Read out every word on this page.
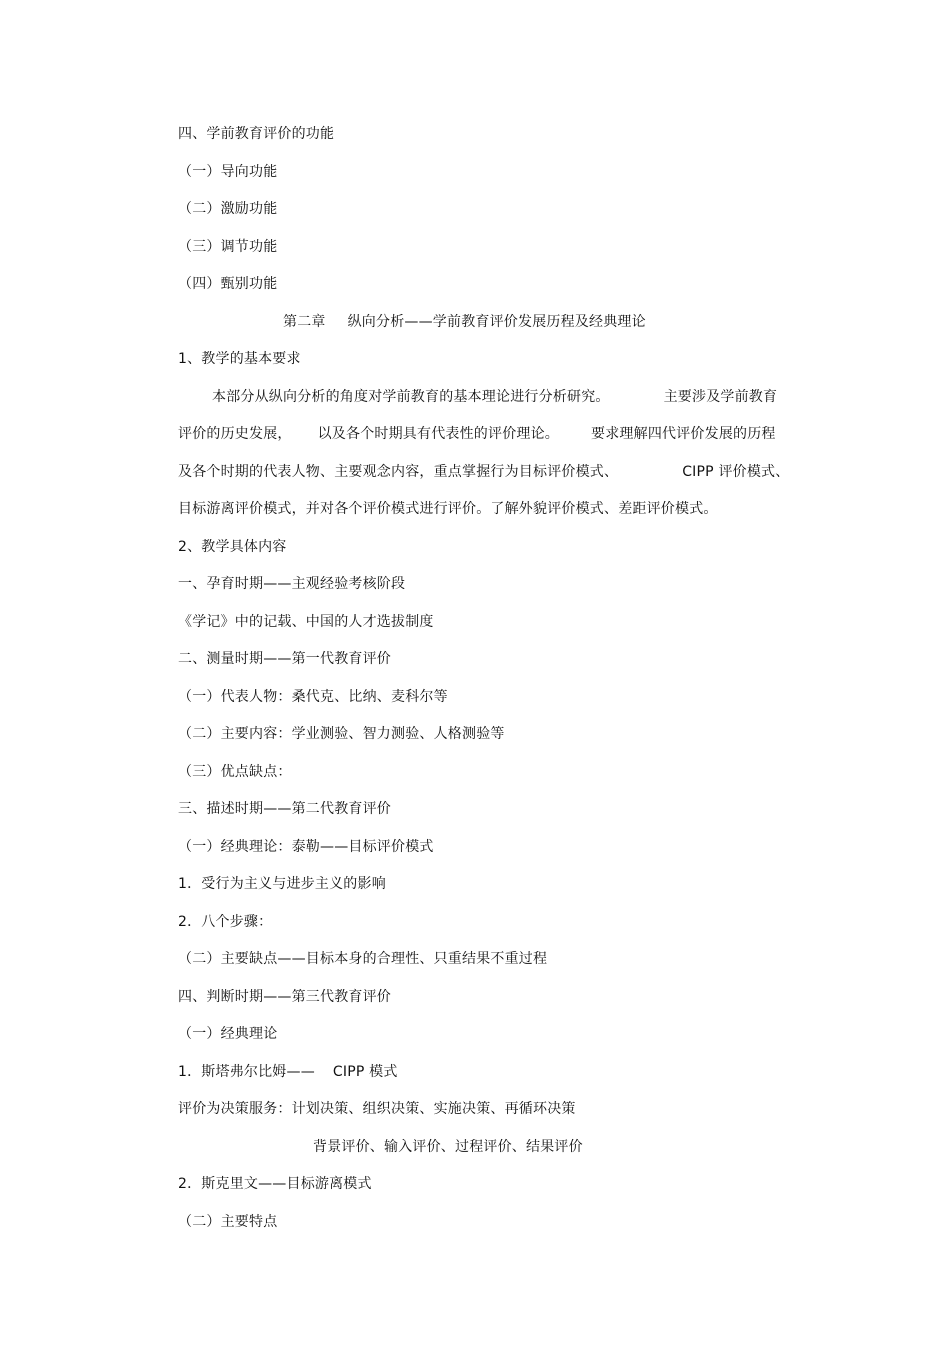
四、学前教育评价的功能
（一）导向功能
（二）激励功能
（三）调节功能
（四）甄别功能
第二章 纵向分析——学前教育评价发展历程及经典理论
1、教学的基本要求
本部分从纵向分析的角度对学前教育的基本理论进行分析研究。	主要涉及学前教育
评价的历史发展， 以及各个时期具有代表性的评价理论。 要求理解四代评价发展的历程
及各个时期的代表人物、主要观念内容，重点掌握行为目标评价模式、	CIPP 评价模式、
目标游离评价模式，并对各个评价模式进行评价。了解外貌评价模式、差距评价模式。
2、教学具体内容
一、孕育时期——主观经验考核阶段
《学记》中的记载、中国的人才选拔制度
二、测量时期——第一代教育评价
（一）代表人物：桑代克、比纳、麦科尔等
（二）主要内容：学业测验、智力测验、人格测验等
（三）优点缺点：
三、描述时期——第二代教育评价
（一）经典理论：泰勒——目标评价模式
1．受行为主义与进步主义的影响
2．八个步骤：
（二）主要缺点——目标本身的合理性、只重结果不重过程
四、判断时期——第三代教育评价
（一）经典理论
1．斯塔弗尔比姆—— CIPP 模式
评价为决策服务：计划决策、组织决策、实施决策、再循环决策
背景评价、输入评价、过程评价、结果评价
2．斯克里文——目标游离模式
（二）主要特点
